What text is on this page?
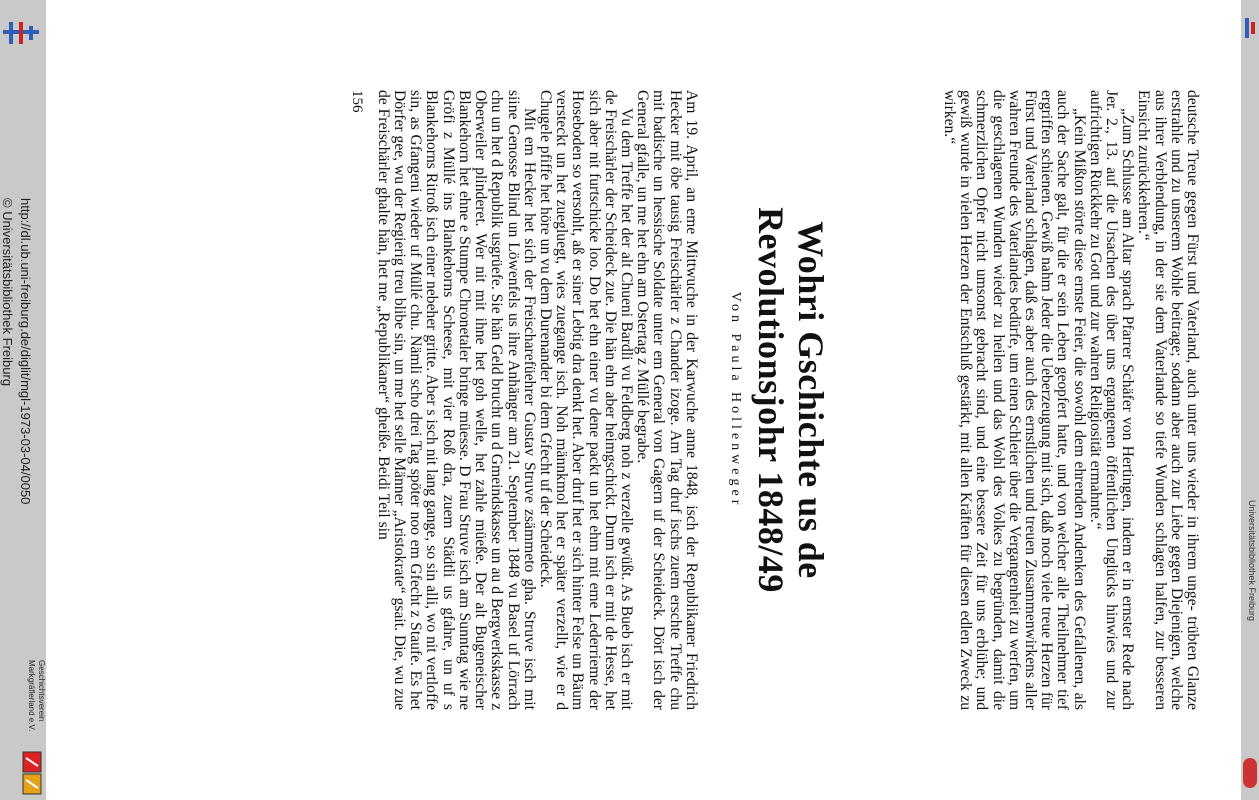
http://dl.ub.uni-freiburg.de/diglit/mgl-1973-03-04/0050
© Universitätsbibliothek Freiburg
Geschichtsverein
Markgräflerland e.V.
Universitätsbibliothek Freiburg

deutsche Treue gegen Fürst und Vaterland, auch unter uns wieder in ihrem unge- trübten Glanze erstrahle und zu unserem Wohle beitrage; sodann aber auch zur Liebe gegen Diejenigen, welche aus ihrer Verblendung, in der sie dem Vaterlande so tiefe Wunden schlagen halfen, zur besseren Einsicht zurückkehren.“

„Zum Schlusse am Altar sprach Pfarrer Schäfer von Hertingen, indem er in ernster Rede nach Jer. 2., 13. auf die Ursachen des über uns ergangenen öffentlichen Unglücks hinwies und zur aufrichtigen Rückkehr zu Gott und zur wahren Religiosität ermahnte.“

„Kein Mißton störte diese ernste Feier, die sowohl dem ehrenden Andenken des Gefallenen, als auch der Sache galt, für die er sein Leben geopfert hatte, und von welcher alle Theilnehmer tief ergriffen schienen. Gewiß nahm Jeder die Ueberzeugung mit sich, daß noch viele treue Herzen für Fürst und Vaterland schlagen, daß es aber auch des ernstlichen und treuen Zusammenwirkens aller wahren Freunde des Vaterlandes bedürfe, um einen Schleier über die Vergangenheit zu werfen, um die geschlagenen Wunden wieder zu heilen und das Wohl des Volkes zu begründen, damit die schmerzlichen Opfer nicht umsonst gebracht sind, und eine bessere Zeit für uns erblühe; und gewiß wurde in vielen Herzen der Entschluß gestärkt, mit allen Kräften für diesen edlen Zweck zu wirken.“

Wohri Gschichte us de Revolutionsjohr 1848/49
Von Paula Hollenweger

Am 19. April, an eme Mittwuche in der Karwuche anne 1848, isch der Republikaner Friedrich Hecker mit öbe tausig Freischärler z Chander izoge. Am Tag druf ischs zuem erschte Treffe chu mit badische un hessische Soldate unter em General von Gagern uf der Scheideck. Dört isch der General gfalle, un me het ehn am Ostertag z Müllé begrabe.

Vu dem Treffe het der alt Chueni Bardli vu Feldberg noh z verzelle gwüßt. As Bueb isch er mit de Freischärler der Scheideck zue. Die hän ehn aber heimgschickt. Drum isch er mit de Hesse, het sich aber nit furtschicke loo. Do het ehn einer vu dene packt un het ehm mit eme Lederrieme der Hoseboden so versohlt, aß er siner Lebtig dra denkt het. Aber druf het er sich hinter Felse un Bäum versteckt un het zuegluegt, wies zuegange isch. Noh männkmol het er später verzellt, wie er d Chugele pfiffe het höre un vu dem Durenander bi dem Gfecht uf der Scheideck.

Mit em Hecker het sich der Freischarefüehrer Gustav Struve zsämmeto gha. Struve isch mit siine Genosse Blind un Löwenfels us ihre Anhänger am 21. September 1848 vu Basel uf Lörrach chu un het d Republik usgrüefe. Sie hän Geld brucht un d Gmeindskasse un au d Bergwerkskasse z Oberweiler plinderet. Wer nit mit ihne het goh welle, het zahle müeße. Der alt Bugeneischer Blankehorn het ehne e Stumpe Chronetaler bringe müesse. D Frau Struve isch am Sunntag wie ne Gröfi z Müllé ins Blankehorns Scheese, mit vier Roß dra, zuem Städtli us gfahre, un uf s Blankehorns Ritroß isch einer nebeher gritte. Aber s isch nit lang gange, so sin alli, wo nit vertloffe sin, as Gfangeni wieder uf Müllé chu. Nämli scho drei Tag spöter noo em Gfecht z Staufe. Es het Dörfer gee, wu der Regierig treu blibe sin, un me het selle Männer „Aristokrate“ gsait. Die, wu zue de Freischärler ghalte hän, het me „Republikaner“ gheiße. Beidi Teil sin

156
